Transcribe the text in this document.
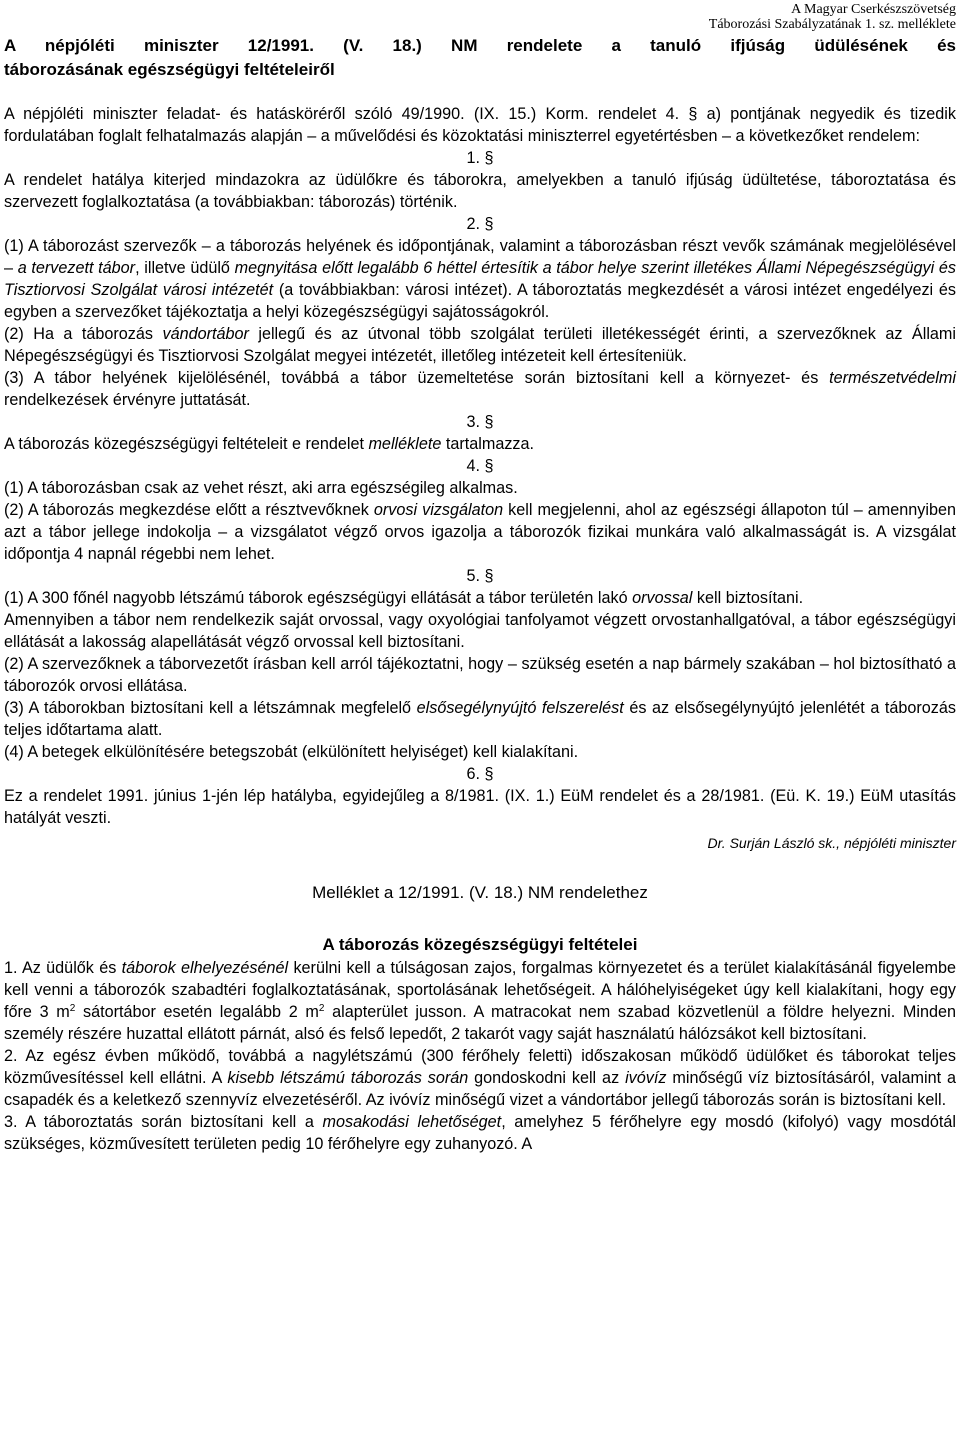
A Magyar Cserkészszövetség
Táborozási Szabályzatának 1. sz. melléklete
A népjóléti miniszter 12/1991. (V. 18.) NM rendelete a tanuló ifjúság üdülésének és
táborozásának egészségügyi feltételeiről

A népjóléti miniszter feladat- és hatásköréről szóló 49/1990. (IX. 15.) Korm. rendelet 4. § a) pontjának negyedik és tizedik fordulatában foglalt felhatalmazás alapján – a művelődési és közoktatási miniszterrel egyetértésben – a következőket rendelem:

1. §

A rendelet hatálya kiterjed mindazokra az üdülőkre és táborokra, amelyekben a tanuló ifjúság üdültetése, táboroztatása és szervezett foglalkoztatása (a továbbiakban: táborozás) történik.

2. §

(1) A táborozást szervezők – a táborozás helyének és időpontjának, valamint a táborozásban részt vevők számának megjelölésével – a tervezett tábor, illetve üdülő megnyitása előtt legalább 6 héttel értesítik a tábor helye szerint illetékes Állami Népegészségügyi és Tisztiorvosi Szolgálat városi intézetét (a továbbiakban: városi intézet). A táboroztatás megkezdését a városi intézet engedélyezi és egyben a szervezőket tájékoztatja a helyi közegészségügyi sajátosságokról.

(2) Ha a táborozás vándortábor jellegű és az útvonal több szolgálat területi illetékességét érinti, a szervezőknek az Állami Népegészségügyi és Tisztiorvosi Szolgálat megyei intézetét, illetőleg intézeteit kell értesíteniük.

(3) A tábor helyének kijelölésénél, továbbá a tábor üzemeltetése során biztosítani kell a környezet- és természetvédelmi rendelkezések érvényre juttatását.

3. §

A táborozás közegészségügyi feltételeit e rendelet melléklete tartalmazza.

4. §

(1) A táborozásban csak az vehet részt, aki arra egészségileg alkalmas.

(2) A táborozás megkezdése előtt a résztvevőknek orvosi vizsgálaton kell megjelenni, ahol az egészségi állapoton túl – amennyiben azt a tábor jellege indokolja – a vizsgálatot végző orvos igazolja a táborozók fizikai munkára való alkalmasságát is. A vizsgálat időpontja 4 napnál régebbi nem lehet.

5. §

(1) A 300 főnél nagyobb létszámú táborok egészségügyi ellátását a tábor területén lakó orvossal kell biztosítani.

Amennyiben a tábor nem rendelkezik saját orvossal, vagy oxyológiai tanfolyamot végzett orvostanhallgatóval, a tábor egészségügyi ellátását a lakosság alapellátását végző orvossal kell biztosítani.

(2) A szervezőknek a táborvezetőt írásban kell arról tájékoztatni, hogy – szükség esetén a nap bármely szakában – hol biztosítható a táborozók orvosi ellátása.

(3) A táborokban biztosítani kell a létszámnak megfelelő elsősegélynyújtó felszerelést és az elsősegélynyújtó jelenlétét a táborozás teljes időtartama alatt.

(4) A betegek elkülönítésére betegszobát (elkülönített helyiséget) kell kialakítani.

6. §

Ez a rendelet 1991. június 1-jén lép hatályba, egyidejűleg a 8/1981. (IX. 1.) EüM rendelet és a 28/1981. (Eü. K. 19.) EüM utasítás hatályát veszti.

Dr. Surján László sk., népjóléti miniszter
Melléklet a 12/1991. (V. 18.) NM rendelethez
A táborozás közegészségügyi feltételei

1. Az üdülők és táborok elhelyezésénél kerülni kell a túlságosan zajos, forgalmas környezetet és a terület kialakításánál figyelembe kell venni a táborozók szabadtéri foglalkoztatásának, sportolásának lehetőségeit. A hálóhelyiségeket úgy kell kialakítani, hogy egy főre 3 $m^2$ sátortábor esetén legalább 2 $m^2$ alapterület jusson. A matracokat nem szabad közvetlenül a földre helyezni. Minden személy részére huzattal ellátott párnát, alsó és felső lepedőt, 2 takarót vagy saját használatú hálózsákot kell biztosítani.

2. Az egész évben működő, továbbá a nagylétszámú (300 férőhely feletti) időszakosan működő üdülőket és táborokat teljes közművesítéssel kell ellátni. A kisebb létszámú táborozás során gondoskodni kell az ivóvíz minőségű víz biztosításáról, valamint a csapadék és a keletkező szennyvíz elvezetéséről. Az ivóvíz minőségű vizet a vándortábor jellegű táborozás során is biztosítani kell.

3. A táboroztatás során biztosítani kell a mosakodási lehetőséget, amelyhez 5 férőhelyre egy mosdó (kifolyó) vagy mosdótál szükséges, közművesített területen pedig 10 férőhelyre egy zuhanyozó. A
